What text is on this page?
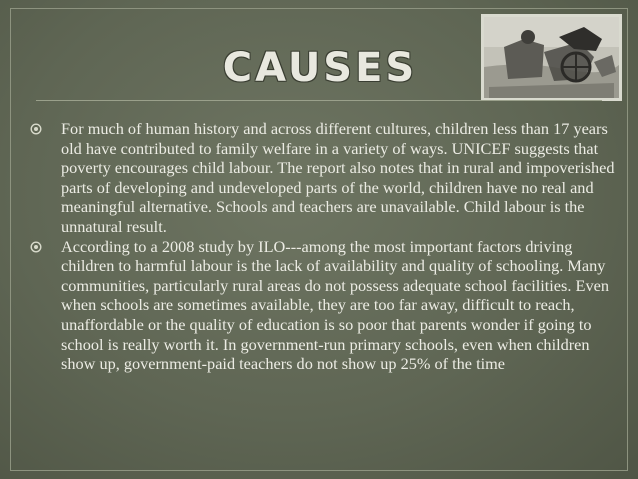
CAUSES
For much of human history and across different cultures, children less than 17 years old have contributed to family welfare in a variety of ways. UNICEF suggests that poverty encourages child labour. The report also notes that in rural and impoverished parts of developing and undeveloped parts of the world, children have no real and meaningful alternative. Schools and teachers are unavailable. Child labour is the unnatural result.
According to a 2008 study by ILO---among the most important factors driving children to harmful labour is the lack of availability and quality of schooling. Many communities, particularly rural areas do not possess adequate school facilities. Even when schools are sometimes available, they are too far away, difficult to reach, unaffordable or the quality of education is so poor that parents wonder if going to school is really worth it. In government-run primary schools, even when children show up, government-paid teachers do not show up 25% of the time
